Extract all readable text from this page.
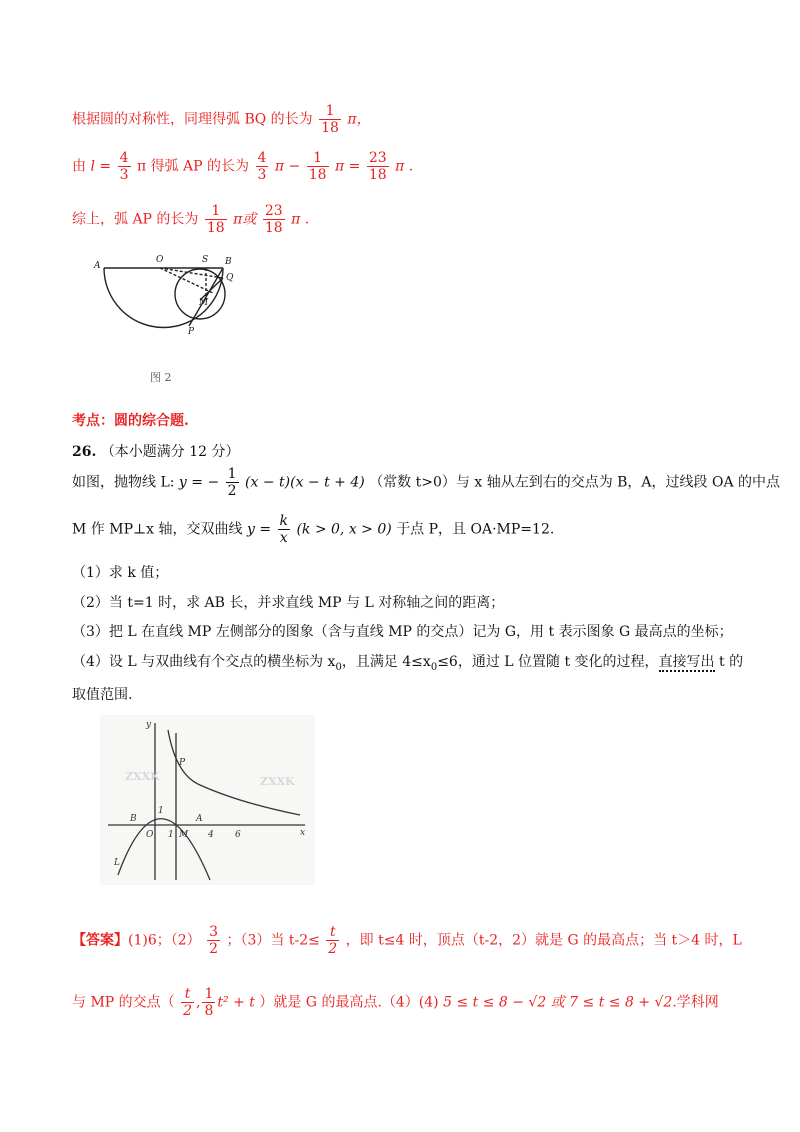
根据圆的对称性，同理得弧 BQ 的长为 $\frac{1}{18}$ π，
由 $l = \frac{4}{3}$ π 得弧 AP 的长为 $\frac{4}{3}$ $\pi - \frac{1}{18}$ $\pi = \frac{23}{18}$ π .
综上，弧 AP 的长为 $\frac{1}{18}$ π或 $\frac{23}{18}$ π .
A
O	S B
Q
M
P
图 2
考点：圆的综合题.
26. （本小题满分 12 分）
如图，抛物线 L: y = − $\frac{1}{2} (x - t)(x - t + 4)$ （常数 t>0）与 x 轴从左到右的交点为 B，A，过线段 OA 的中点
M 作 MP⊥x 轴，交双曲线 $y = \frac{k}{x} (k > 0$, x > 0) 于点 P，且 OA·MP=12.
（1）求 k 值；
（2）当 t=1 时，求 AB 长，并求直线 MP 与 L 对称轴之间的距离；
（3）把 L 在直线 MP 左侧部分的图象（含与直线 MP 的交点）记为 G，用 t 表示图象 G 最高点的坐标；
（4）设 L 与双曲线有个交点的横坐标为 $x_0$，且满足 $4\le x_0\le 6$，通过 L 位置随 t 变化的过程，直接写出 t 的
取值范围.
y
x
P
B
O 1 M
A
4 6
L
1
ZXXK	ZXXK
【答案】(1)6；$(2) \frac{3}{2}$ ；（3）当 $t-2\le \frac{t}{2}$ ，即 t≤4 时，顶点（t-2，2）就是 G 的最高点；当 t＞4 时，L
与 MP 的交点（ $\frac{t}{2}$ , $\frac{1}{8} t^2 + t$ ）就是 G 的最高点.（4）(4) 5 ≤ t ≤ 8 − √2 或 7 ≤ t ≤ 8 + √2.学科网
